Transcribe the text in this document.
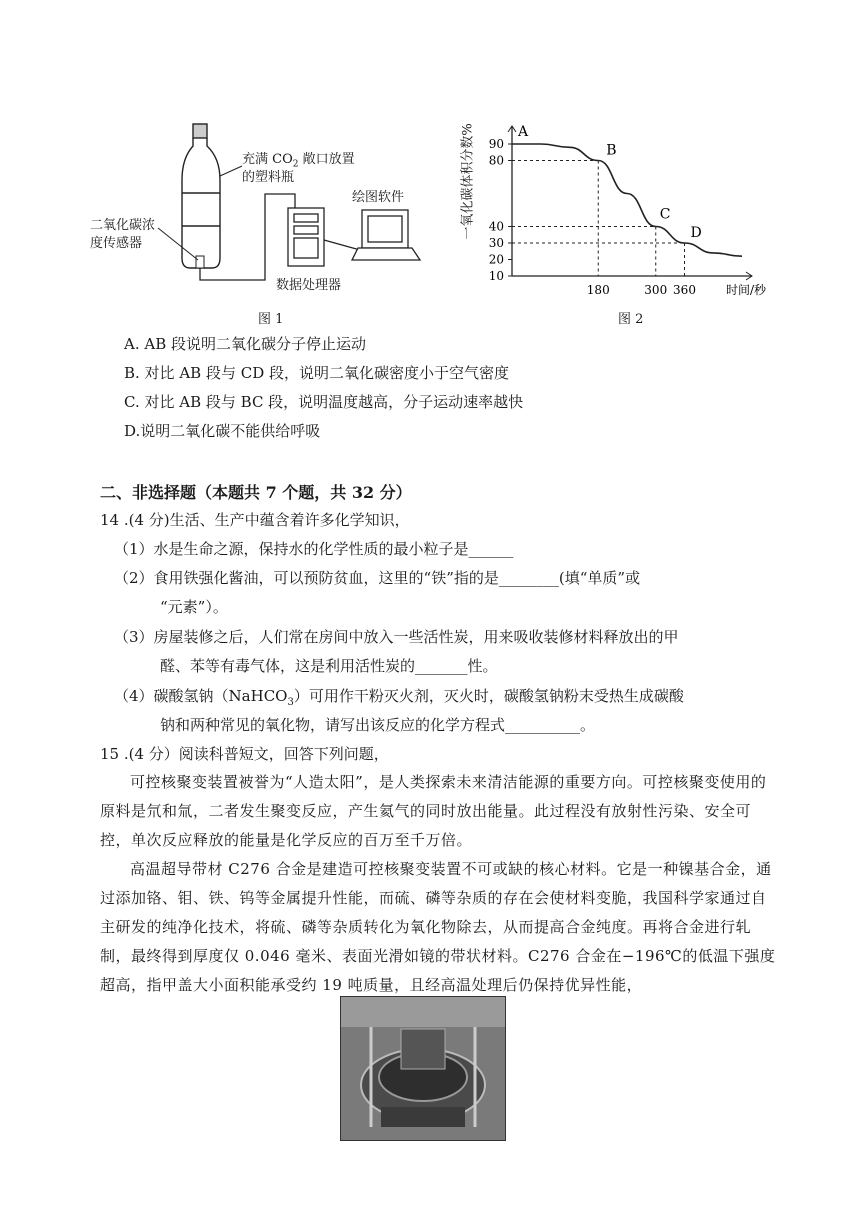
充满 $CO_2$ 敞口放置
的塑料瓶
二氧化碳浓
度传感器
绘图软件
数据处理器
图 1
90
80
40
30
20
10
180	300 360	时间/秒
A
B
C
D
一氧化碳体积分数%
图 2
A. AB 段说明二氧化碳分子停止运动
B. 对比 AB 段与 CD 段，说明二氧化碳密度小于空气密度
C. 对比 AB 段与 BC 段，说明温度越高，分子运动速率越快
D.说明二氧化碳不能供给呼吸
二、非选择题（本题共 7 个题，共 32 分）
14 .(4 分)生活、生产中蕴含着许多化学知识，
（1）水是生命之源，保持水的化学性质的最小粒子是______
（2）食用铁强化酱油，可以预防贫血，这里的“铁”指的是________(填“单质”或
“元素”）。
（3）房屋装修之后，人们常在房间中放入一些活性炭，用来吸收装修材料释放出的甲
醛、苯等有毒气体，这是利用活性炭的_______性。
（4）碳酸氢钠（NaHCO$_3$）可用作干粉灭火剂，灭火时，碳酸氢钠粉末受热生成碳酸
钠和两种常见的氧化物，请写出该反应的化学方程式__________。
15 .(4 分）阅读科普短文，回答下列问题，
可控核聚变装置被誉为“人造太阳”，是人类探索未来清洁能源的重要方向。可控核聚变使用的原料是氘和氚，二者发生聚变反应，产生氦气的同时放出能量。此过程没有放射性污染、安全可控，单次反应释放的能量是化学反应的百万至千万倍。
高温超导带材 C276 合金是建造可控核聚变装置不可或缺的核心材料。它是一种镍基合金，通过添加铬、钼、铁、钨等金属提升性能，而硫、磷等杂质的存在会使材料变脆，我国科学家通过自主研发的纯净化技术，将硫、磷等杂质转化为氧化物除去，从而提高合金纯度。再将合金进行轧制，最终得到厚度仅 0.046 毫米、表面光滑如镜的带状材料。C276 合金在−196℃的低温下强度超高，指甲盖大小面积能承受约 19 吨质量，且经高温处理后仍保持优异性能，
